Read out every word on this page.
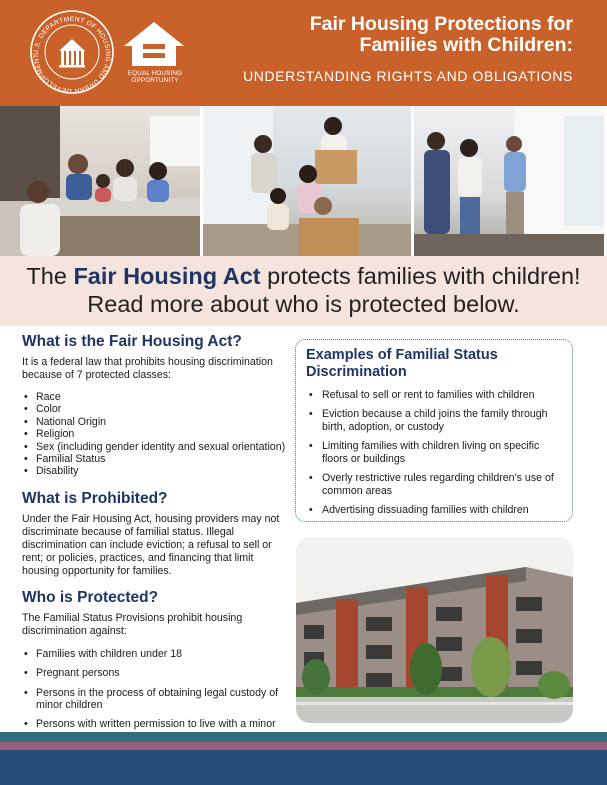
U.S. DEPARTMENT OF HOUSING AND URBAN DEVELOPMENT
EQUAL HOUSING
OPPORTUNITY
Fair Housing Protections for
Families with Children:
UNDERSTANDING RIGHTS AND OBLIGATIONS
The Fair Housing Act protects families with children!
Read more about who is protected below.
What is the Fair Housing Act?
It is a federal law that prohibits housing discrimination because of 7 protected classes:
• Race
• Color
• National Origin
• Religion
• Sex (including gender identity and sexual orientation)
• Familial Status
• Disability
What is Prohibited?
Under the Fair Housing Act, housing providers may not discriminate because of familial status. Illegal discrimination can include eviction; a refusal to sell or rent; or policies, practices, and financing that limit housing opportunity for families.
Who is Protected?
The Familial Status Provisions prohibit housing discrimination against:
• Families with children under 18
• Pregnant persons
• Persons in the process of obtaining legal custody of minor children
• Persons with written permission to live with a minor
Examples of Familial Status Discrimination
• Refusal to sell or rent to families with children
• Eviction because a child joins the family through birth, adoption, or custody
• Limiting families with children living on specific floors or buildings
• Overly restrictive rules regarding children’s use of common areas
• Advertising dissuading families with children
